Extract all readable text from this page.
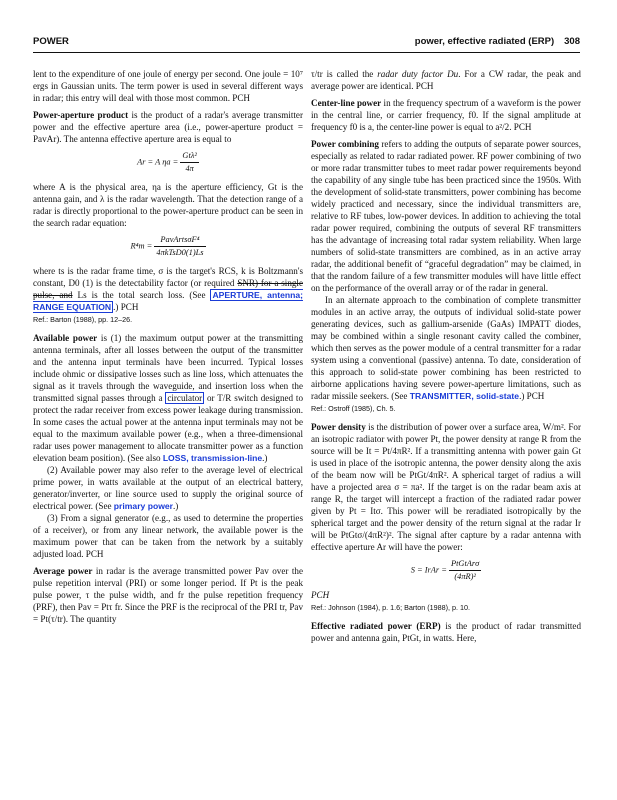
POWER	power, effective radiated (ERP) 308

lent to the expenditure of one joule of energy per second. One joule = 10⁷ ergs in Gaussian units. The term power is used in several different ways in radar; this entry will deal with those most common. PCH

Power-aperture product is the product of a radar's average transmitter power and the effective aperture area (i.e., power-aperture product = PavAr). The antenna effective aperture area is equal to

Ar = A $\eta a = \frac{\text{Gtλ²}}{4\pi}$

where A is the physical area, ηa is the aperture efficiency, Gt is the antenna gain, and λ is the radar wavelength. That the detection range of a radar is directly proportional to the power-aperture product can be seen in the search radar equation:

$R^4m = \frac{\text{PavArtsσF⁴}}{\text{4πkTsD0(1)Ls}}$

where ts is the radar frame time, σ is the target's RCS, k is Boltzmann's constant, D0 (1) is the detectability factor (or required SNR) for a single pulse, and Ls is the total search loss. (See APERTURE, antenna; RANGE EQUATION .) PCH

Ref.: Barton (1988), pp. 12–26.

Available power is (1) the maximum output power at the transmitting antenna terminals, after all losses between the output of the transmitter and the antenna input terminals have been incurred. Typical losses include ohmic or dissipative losses such as line loss, which attenuates the signal as it travels through the waveguide, and insertion loss when the transmitted signal passes through a circulator or T/R switch designed to protect the radar receiver from excess power leakage during transmission. In some cases the actual power at the antenna input terminals may not be equal to the maximum available power (e.g., when a three-dimensional radar uses power management to allocate transmitter power as a function elevation beam position). (See also LOSS, transmission-line.)

(2) Available power may also refer to the average level of electrical prime power, in watts available at the output of an electrical battery, generator/inverter, or line source used to supply the original source of electrical power. (See primary power.)

(3) From a signal generator (e.g., as used to determine the properties of a receiver), or from any linear network, the available power is the maximum power that can be taken from the network by a suitably adjusted load. PCH

Average power in radar is the average transmitted power Pav over the pulse repetition interval (PRI) or some longer period. If Pt is the peak pulse power, τ the pulse width, and fr the pulse repetition frequency (PRF), then Pav = Ptτ fr. Since the PRF is the reciprocal of the PRI tr, Pav = Pt(τ/tr). The quantity

τ/tr is called the radar duty factor Du. For a CW radar, the peak and average power are identical. PCH

Center-line power in the frequency spectrum of a waveform is the power in the central line, or carrier frequency, f0. If the signal amplitude at frequency f0 is a, the center-line power is equal to a²/2. PCH

Power combining refers to adding the outputs of separate power sources, especially as related to radar radiated power. RF power combining of two or more radar transmitter tubes to meet radar power requirements beyond the capability of any single tube has been practiced since the 1950s. With the development of solid-state transmitters, power combining has become widely practiced and necessary, since the individual transmitters are, relative to RF tubes, low-power devices. In addition to achieving the total radar power required, combining the outputs of several RF transmitters has the advantage of increasing total radar system reliability. When large numbers of solid-state transmitters are combined, as in an active array radar, the additional benefit of “graceful degradation” may be claimed, in that the random failure of a few transmitter modules will have little effect on the performance of the overall array or of the radar in general.

In an alternate approach to the combination of complete transmitter modules in an active array, the outputs of individual solid-state power generating devices, such as gallium-arsenide (GaAs) IMPATT diodes, may be combined within a single resonant cavity called the combiner, which then serves as the power module of a central transmitter for a radar system using a conventional (passive) antenna. To date, consideration of this approach to solid-state power combining has been restricted to airborne applications having severe power-aperture limitations, such as radar missile seekers. (See TRANSMITTER, solid-state.) PCH

Ref.: Ostroff (1985), Ch. 5.

Power density is the distribution of power over a surface area, W/m². For an isotropic radiator with power Pt, the power density at range R from the source will be It = Pt/4πR². If a transmitting antenna with power gain Gt is used in place of the isotropic antenna, the power density along the axis of the beam now will be PtGt/4πR². A spherical target of radius a will have a projected area σ = πa². If the target is on the radar beam axis at range R, the target will intercept a fraction of the radiated radar power given by Pt = Itσ. This power will be reradiated isotropically by the spherical target and the power density of the return signal at the radar Ir will be PtGtσ/(4πR²)². The signal after capture by a radar antenna with effective aperture Ar will have the power:

S = IrAr = $\frac{\text{PtGtArσ}}{\text{(4πR)²}}$

PCH

Ref.: Johnson (1984), p. 1.6; Barton (1988), p. 10.

Effective radiated power (ERP) is the product of radar transmitted power and antenna gain, PtGt, in watts. Here,
